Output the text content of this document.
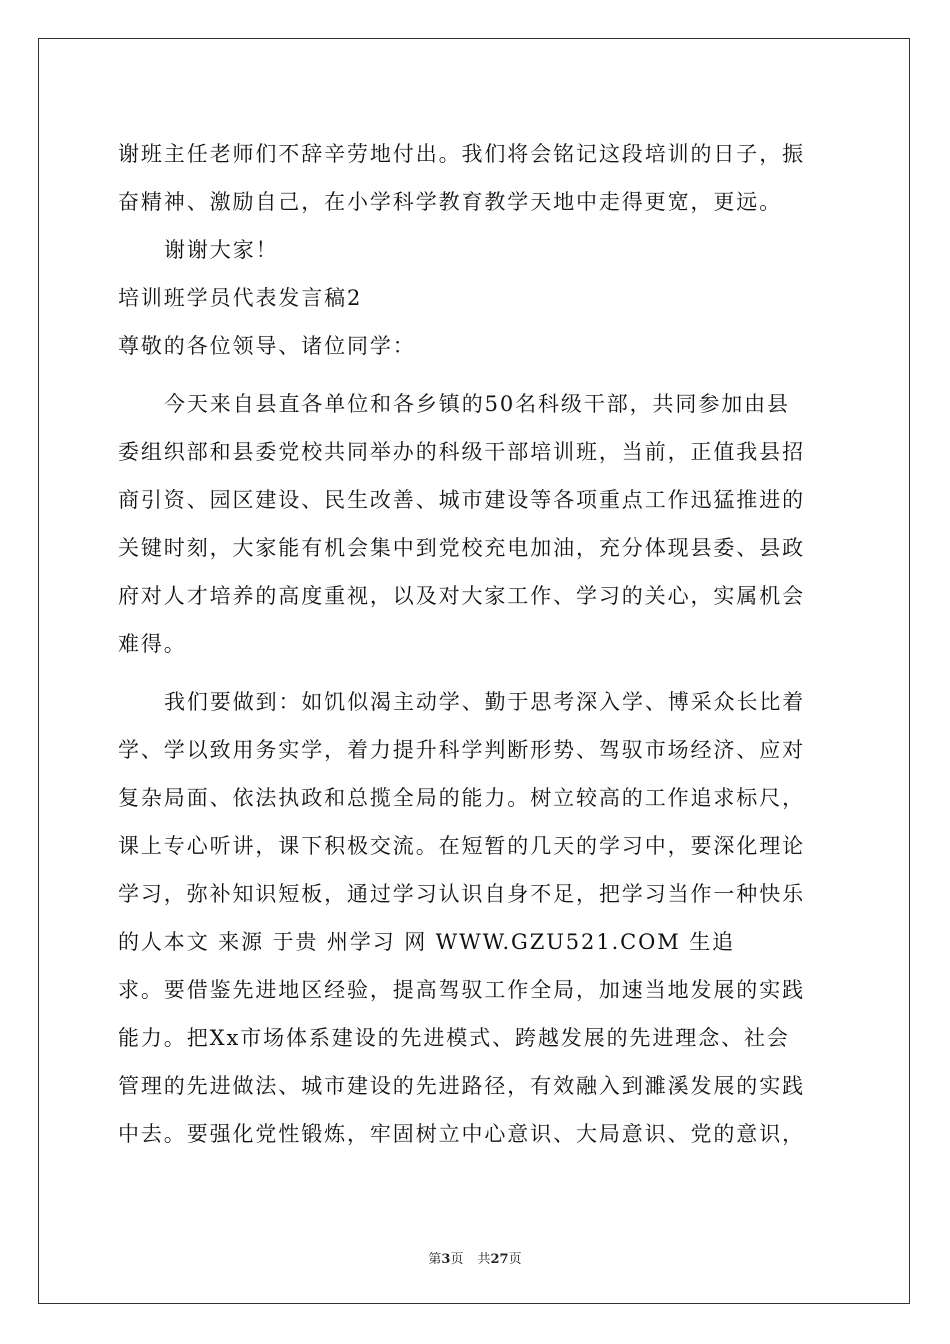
谢班主任老师们不辞辛劳地付出。我们将会铭记这段培训的日子，振
奋精神、激励自己，在小学科学教育教学天地中走得更宽，更远。
谢谢大家！
培训班学员代表发言稿2
尊敬的各位领导、诸位同学：
今天来自县直各单位和各乡镇的50名科级干部，共同参加由县
委组织部和县委党校共同举办的科级干部培训班，当前，正值我县招
商引资、园区建设、民生改善、城市建设等各项重点工作迅猛推进的
关键时刻，大家能有机会集中到党校充电加油，充分体现县委、县政
府对人才培养的高度重视，以及对大家工作、学习的关心，实属机会
难得。
我们要做到：如饥似渴主动学、勤于思考深入学、博采众长比着
学、学以致用务实学，着力提升科学判断形势、驾驭市场经济、应对
复杂局面、依法执政和总揽全局的能力。树立较高的工作追求标尺，
课上专心听讲，课下积极交流。在短暂的几天的学习中，要深化理论
学习，弥补知识短板，通过学习认识自身不足，把学习当作一种快乐
的人本文 来源 于贵 州学习 网 WWW.GZU521.COM 生追
求。要借鉴先进地区经验，提高驾驭工作全局，加速当地发展的实践
能力。把Xx市场体系建设的先进模式、跨越发展的先进理念、社会
管理的先进做法、城市建设的先进路径，有效融入到濉溪发展的实践
中去。要强化党性锻炼，牢固树立中心意识、大局意识、党的意识，
第3页 共27页
